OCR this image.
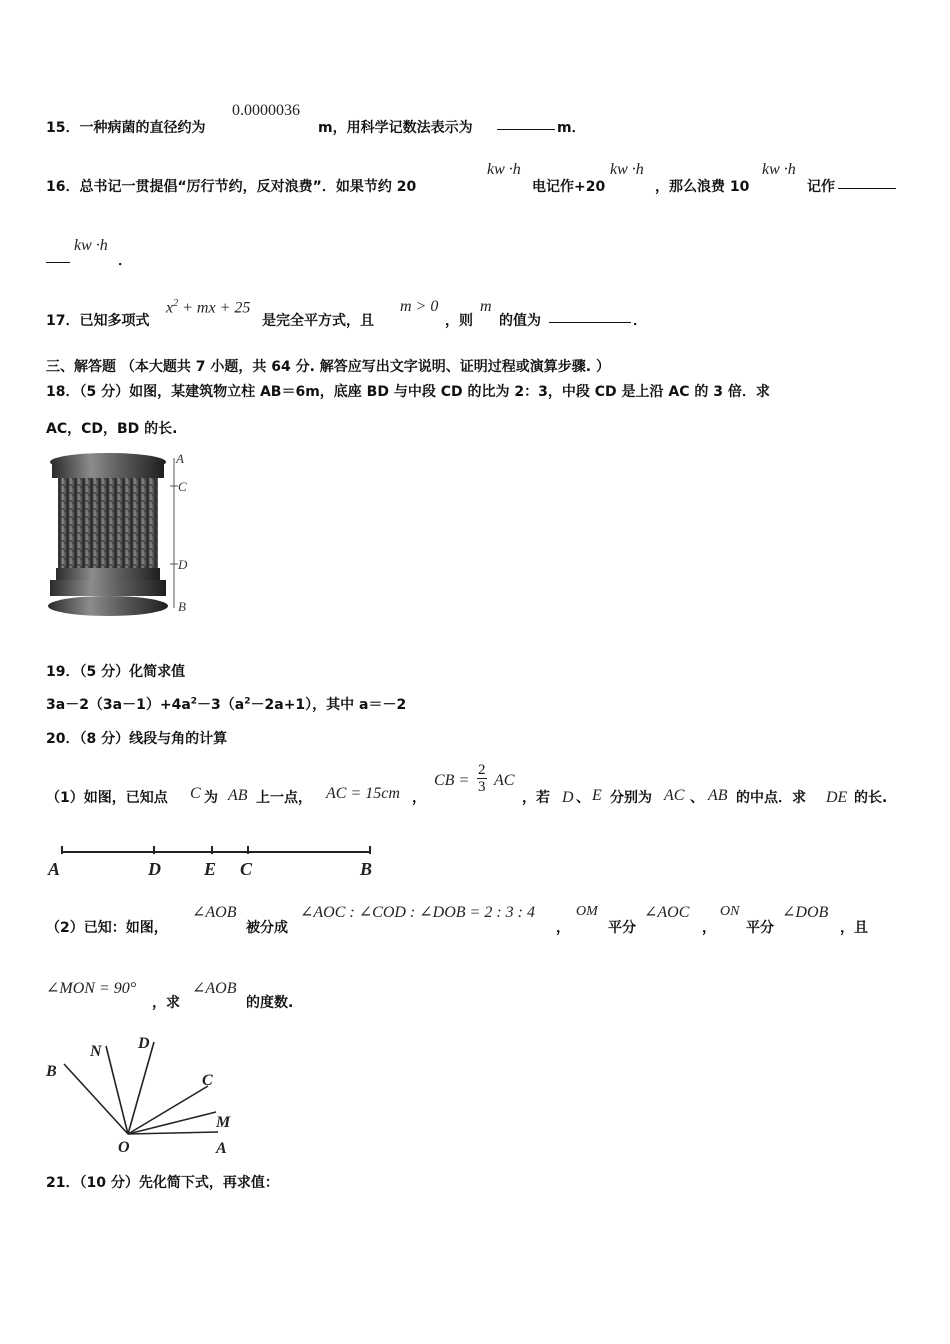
15．一种病菌的直径约为
0.0000036
m，用科学记数法表示为	m．
16．总书记一贯提倡“厉行节约，反对浪费”．如果节约 20
kw ·h
电记作+20
kw ·h
，那么浪费 10
kw ·h
记作
kw ·h
．
17．已知多项式
$x^2$ + mx + 25
是完全平方式，且
m > 0
，则
m
的值为	．
三、解答题 （本大题共 7 小题，共 64 分. 解答应写出文字说明、证明过程或演算步骤. ）
18．（5 分）如图，某建筑物立柱 AB＝6m，底座 BD 与中段 CD 的比为 2：3，中段 CD 是上沿 AC 的 3 倍．求
AC，CD，BD 的长.
A
C
D
B
19．（5 分）化简求值
$3a-2(3a-1)+4a^2-3(a^2-2a+1)$，其中 a＝－2
20．（8 分）线段与角的计算
（1）如图，已知点 C 为 AB 上一点， AC = 15cm ，
CB = $\frac{2}{3}$ AC
，若 D 、 E 分别为 AC 、 AB 的中点．求 DE 的长.
A	D E C	B
（2）已知：如图，
∠AOB
被分成
∠AOC : ∠COD : ∠DOB = 2 : 3 : 4
，
OM
平分
∠AOC
，
ON
平分
∠DOB
，且
∠MON = 90°
，求
∠AOB
的度数.
B
N D
C
M
A
O
21．（10 分）先化简下式，再求值：
